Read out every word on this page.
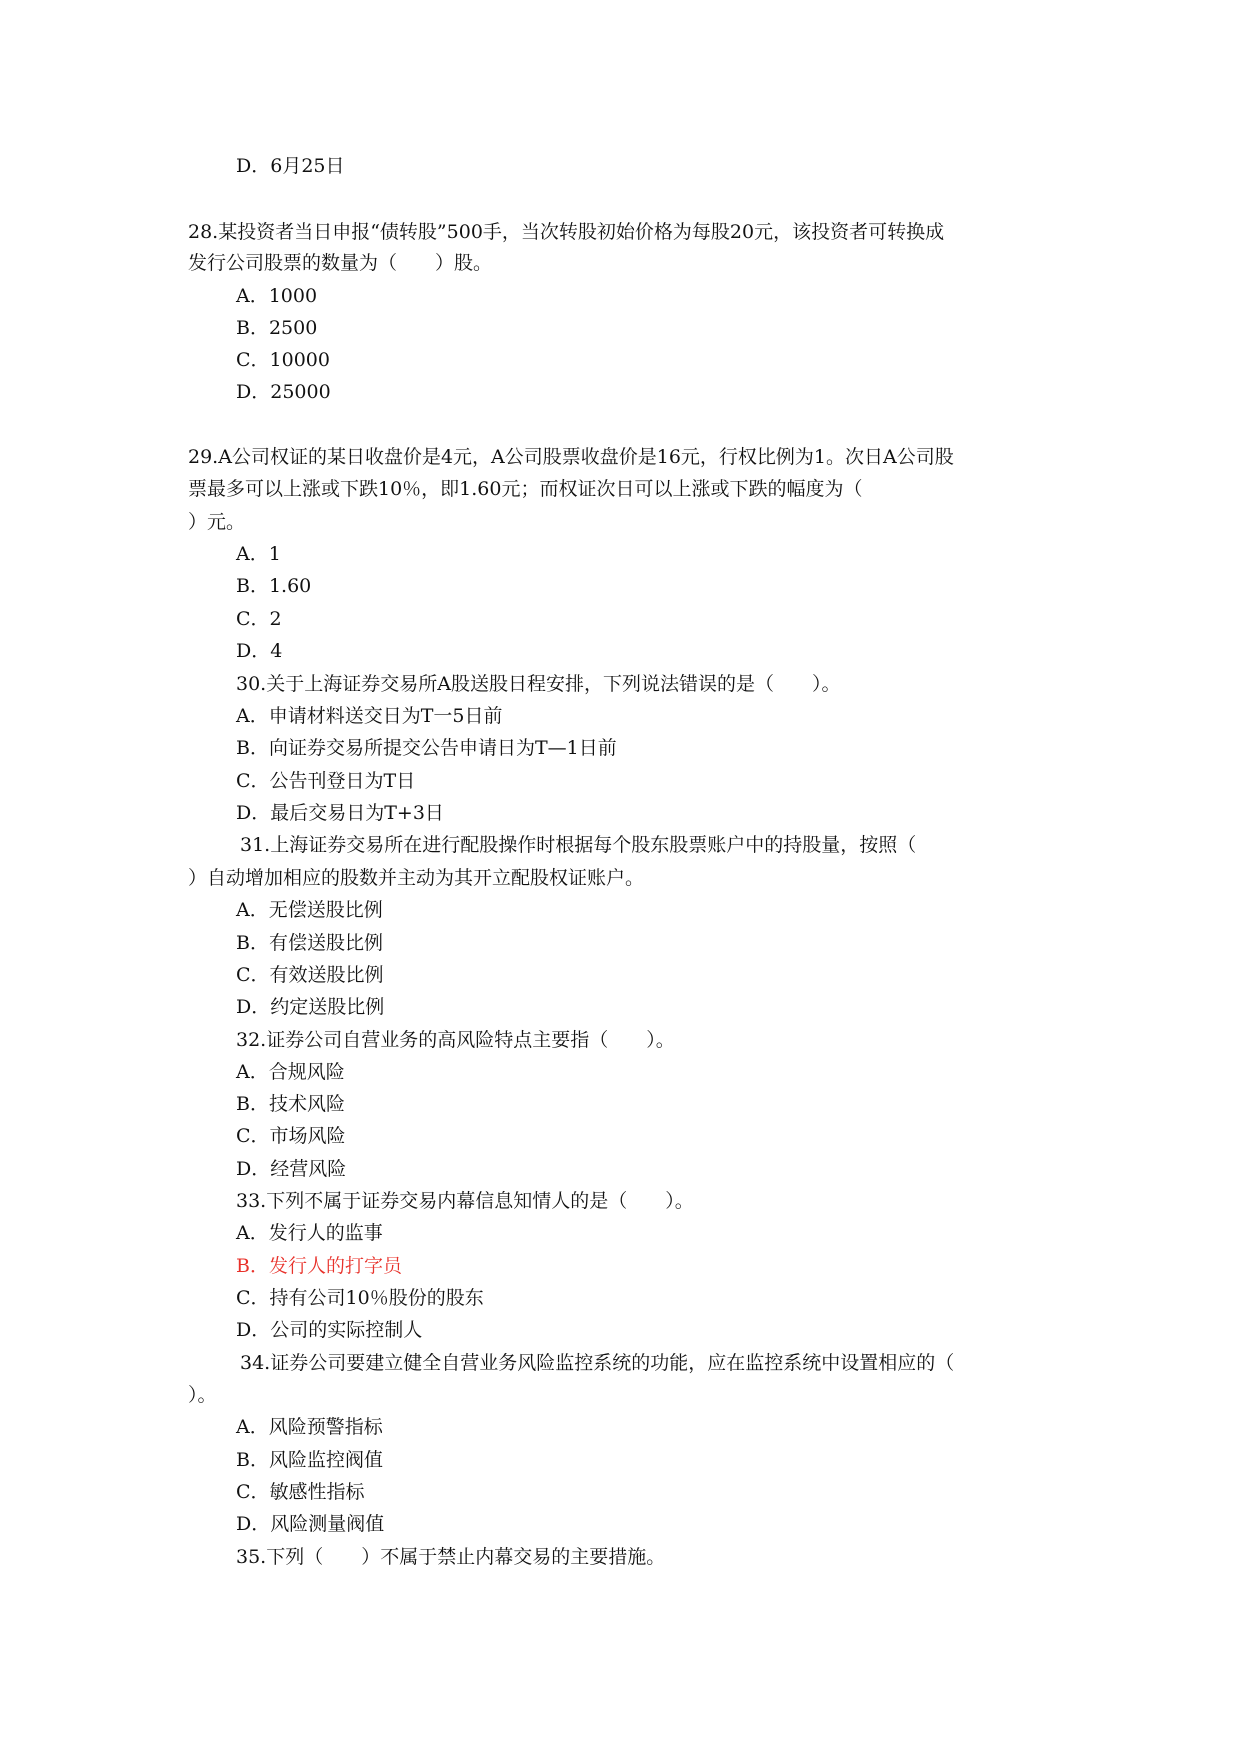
D．6月25日
28.某投资者当日申报“债转股”500手，当次转股初始价格为每股20元，该投资者可转换成
发行公司股票的数量为（　　）股。
A．1000
B．2500
C．10000
D．25000
29.A公司权证的某日收盘价是4元，A公司股票收盘价是16元，行权比例为1。次日A公司股
票最多可以上涨或下跌10％，即1.60元；而权证次日可以上涨或下跌的幅度为（
）元。
A．1
B．1.60
C．2
D．4
30.关于上海证券交易所A股送股日程安排，下列说法错误的是（　　）。
A．申请材料送交日为T一5日前
B．向证券交易所提交公告申请日为T—1日前
C．公告刊登日为T日
D．最后交易日为T+3日
31.上海证券交易所在进行配股操作时根据每个股东股票账户中的持股量，按照（
）自动增加相应的股数并主动为其开立配股权证账户。
A．无偿送股比例
B．有偿送股比例
C．有效送股比例
D．约定送股比例
32.证券公司自营业务的高风险特点主要指（　　）。
A．合规风险
B．技术风险
C．市场风险
D．经营风险
33.下列不属于证券交易内幕信息知情人的是（　　）。
A．发行人的监事
B．发行人的打字员
C．持有公司10％股份的股东
D．公司的实际控制人
34.证券公司要建立健全自营业务风险监控系统的功能，应在监控系统中设置相应的（
）。
A．风险预警指标
B．风险监控阀值
C．敏感性指标
D．风险测量阀值
35.下列（　　）不属于禁止内幕交易的主要措施。
